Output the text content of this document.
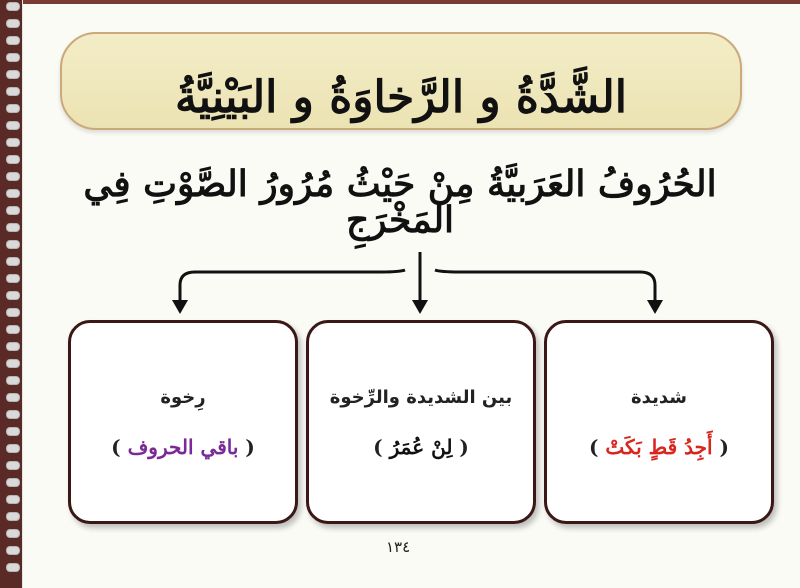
الشَّدَّةُ و الرَّخاوَةُ و البَيْنِيَّةُ
الحُرُوفُ العَرَبيَّةُ مِنْ حَيْثُ مُرُورُ الصَّوْتِ فِي المَخْرَجِ
شديدة
( أَجِدُ قَطٍ بَكَتْ )
بين الشديدة والرِّخوة
( لِنْ عُمَرُ )
رِخوة
( باقي الحروف )
١٣٤
